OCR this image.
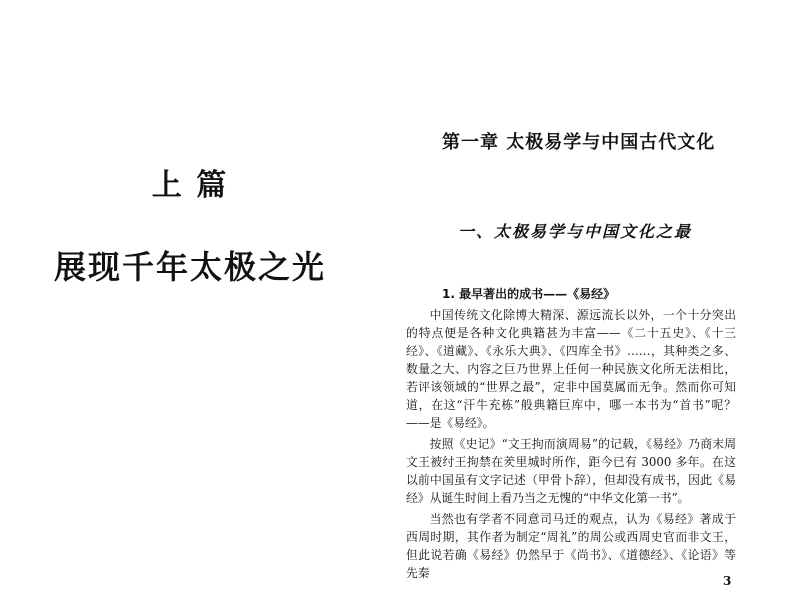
上 篇
展现千年太极之光
第一章 太极易学与中国古代文化
一、太极易学与中国文化之最
1. 最早著出的成书——《易经》

中国传统文化除博大精深、源远流长以外，一个十分突出的特点便是各种文化典籍甚为丰富——《二十五史》、《十三经》、《道藏》、《永乐大典》、《四库全书》……，其种类之多、数量之大、内容之巨乃世界上任何一种民族文化所无法相比，若评该领域的“世界之最”，定非中国莫属而无争。然而你可知道，在这“汗牛充栋”般典籍巨库中，哪一本书为“首书”呢？——是《易经》。

按照《史记》“文王拘而演周易”的记载，《易经》乃商末周文王被纣王拘禁在羑里城时所作，距今已有 3000 多年。在这以前中国虽有文字记述（甲骨卜辞），但却没有成书，因此《易经》从诞生时间上看乃当之无愧的“中华文化第一书”。

当然也有学者不同意司马迁的观点，认为《易经》著成于西周时期，其作者为制定“周礼”的周公或西周史官而非文王，但此说若确《易经》仍然早于《尚书》、《道德经》、《论语》等先秦

3
